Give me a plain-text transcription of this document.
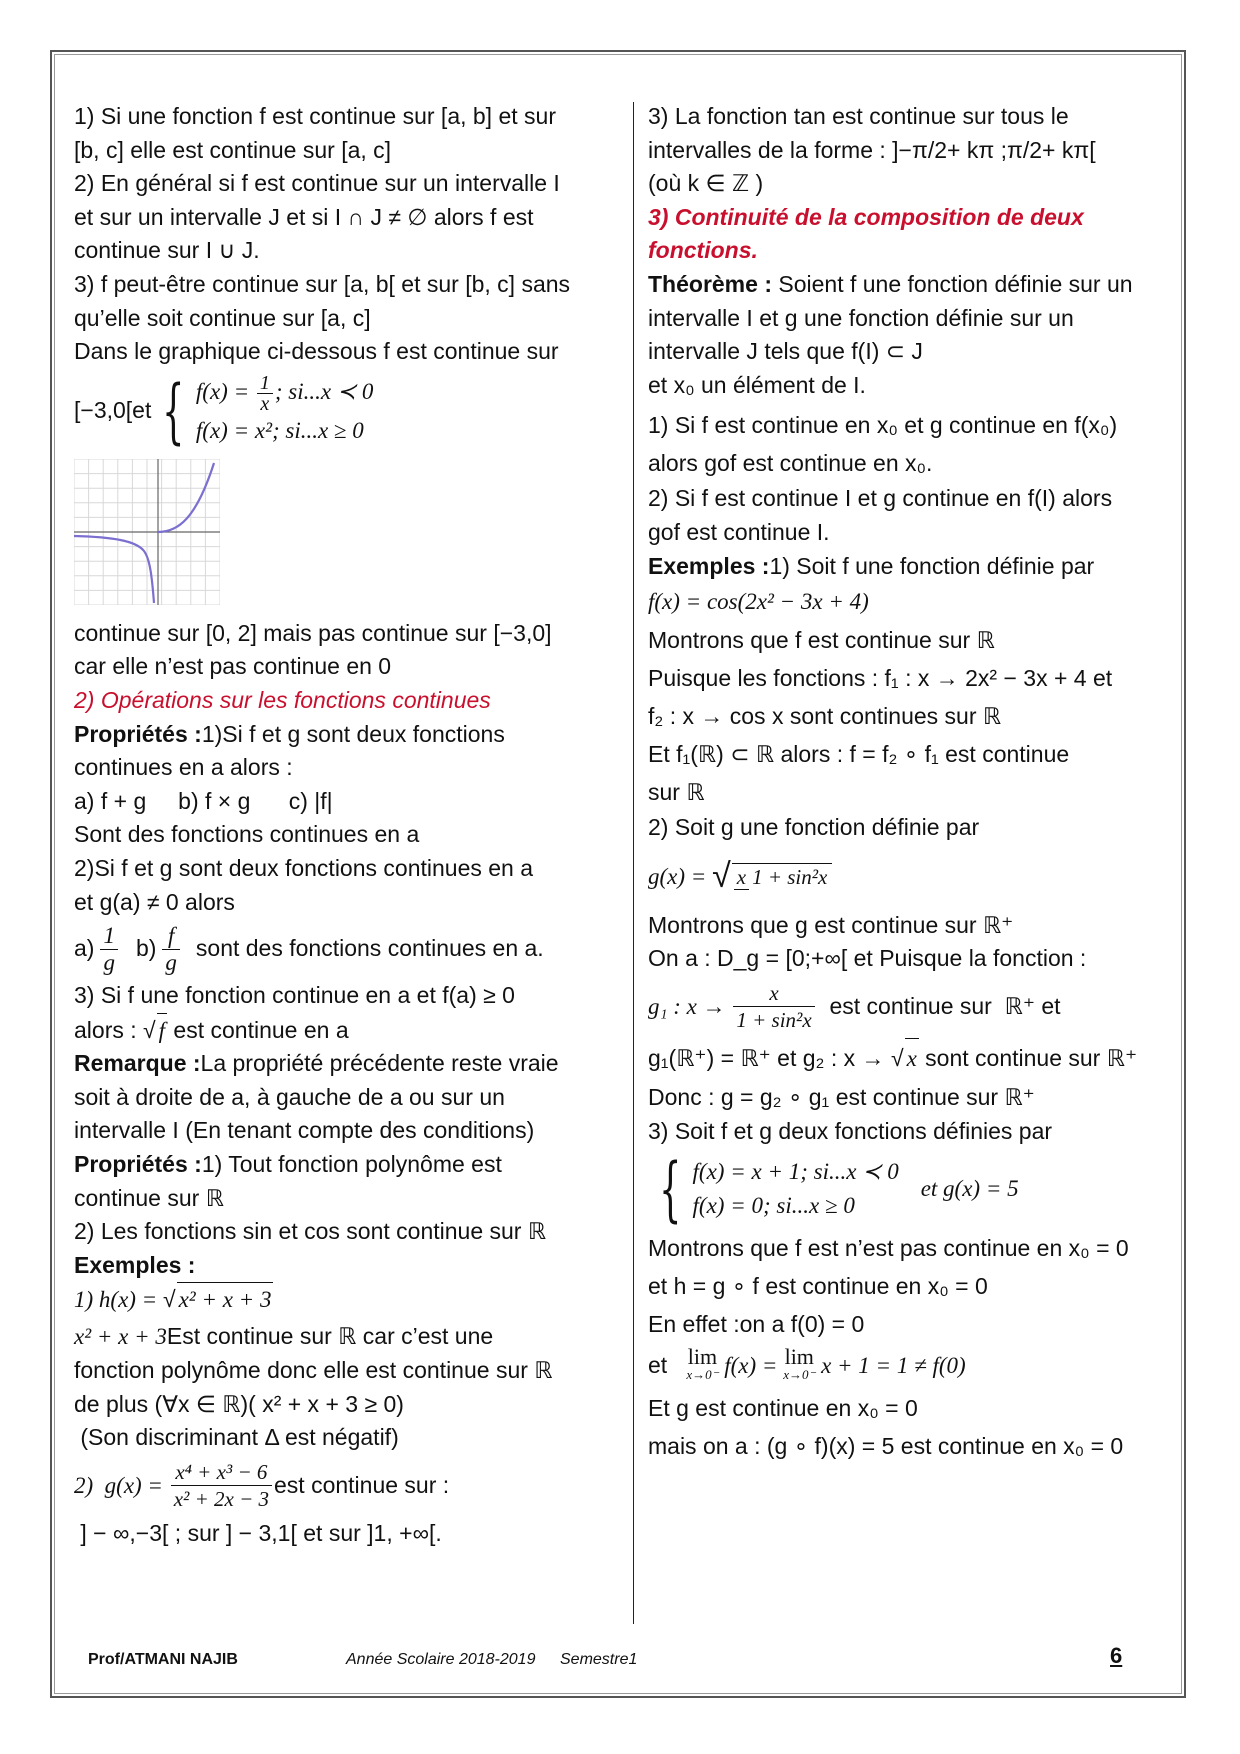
1) Si une fonction f est continue sur [a, b] et sur
[b, c] elle est continue sur [a, c]
2) En général si f est continue sur un intervalle I
et sur un intervalle J et si I ∩ J ≠ ∅ alors f est
continue sur I ∪ J.
3) f peut-être continue sur [a, b[ et sur [b, c] sans
qu’elle soit continue sur [a, c]
Dans le graphique ci-dessous f est continue sur
[−3,0[et { $f(x) = \frac{1}{x}$ ; si...x ≺ 0
f(x) = x²; si...x ≥ 0
continue sur [0, 2] mais pas continue sur [−3,0]
car elle n’est pas continue en 0
2) Opérations sur les fonctions continues
Propriétés :1)Si f et g sont deux fonctions
continues en a alors :
a) f + g     b) f × g      c) |f|
Sont des fonctions continues en a
2)Si f et g sont deux fonctions continues en a
et g(a) ≠ 0 alors
$a) \frac{1}{g} b) \frac{f}{g}$ sont des fonctions continues en a.
3) Si f une fonction continue en a et f(a) ≥ 0
alors : √ f est continue en a
Remarque :La propriété précédente reste vraie
soit à droite de a, à gauche de a ou sur un
intervalle I (En tenant compte des conditions)
Propriétés :1) Tout fonction polynôme est
continue sur ℝ
2) Les fonctions sin et cos sont continue sur ℝ
Exemples :
1) h(x) = √ x² + x + 3
x² + x + 3Est continue sur ℝ car c’est une
fonction polynôme donc elle est continue sur ℝ
de plus (∀x ∈ ℝ)( x² + x + 3 ≥ 0)
(Son discriminant Δ est négatif)
2)  $g(x) = \frac{\text{x⁴ + x³ − 6}}{\text{x² + 2x − 3}}$ est continue sur :
] − ∞,−3[ ; sur ] − 3,1[ et sur ]1, +∞[.
3) La fonction tan est continue sur tous le
intervalles de la forme : ]−π/2+ kπ ;π/2+ kπ[
(où k ∈ ℤ )
3) Continuité de la composition de deux
fonctions.
Théorème : Soient f une fonction définie sur un
intervalle I et g une fonction définie sur un
intervalle J tels que f(I) ⊂ J
et x₀ un élément de I.
1) Si f est continue en x₀ et g continue en f(x₀)
alors gof est continue en x₀.
2) Si f est continue I et g continue en f(I) alors
gof est continue I.
Exemples :1) Soit f une fonction définie par
f(x) = cos(2x² − 3x + 4)
Montrons que f est continue sur ℝ
Puisque les fonctions : f₁ : x → 2x² − 3x + 4 et
f₂ : x → cos x sont continues sur ℝ
Et f₁(ℝ) ⊂ ℝ alors : f = f₂ ∘ f₁ est continue
sur ℝ
2) Soit g une fonction définie par
g(x) = √ x 1 + sin²x
Montrons que g est continue sur ℝ⁺
On a : D_g = [0;+∞[ et Puisque la fonction :
g₁ : $x \to \frac{x}{\text{1 + sin²x}}$ est continue sur  ℝ⁺ et
g₁(ℝ⁺) = ℝ⁺ et g₂ : x → √ x sont continue sur ℝ⁺
Donc : g = g₂ ∘ g₁ est continue sur ℝ⁺
3) Soit f et g deux fonctions définies par
{ f(x) = x + 1; si...x ≺ 0
f(x) = 0; si...x ≥ 0
et g(x) = 5
Montrons que f est n’est pas continue en x₀ = 0
et h = g ∘ f est continue en x₀ = 0
En effet :on a f(0) = 0
et lim
x→0⁻ f(x) = lim
x→0⁻ x + 1 = 1 ≠ f(0)
Et g est continue en x₀ = 0
mais on a : (g ∘ f)(x) = 5 est continue en x₀ = 0
Prof/ATMANI NAJIB	Année Scolaire 2018-2019 Semestre1	6
